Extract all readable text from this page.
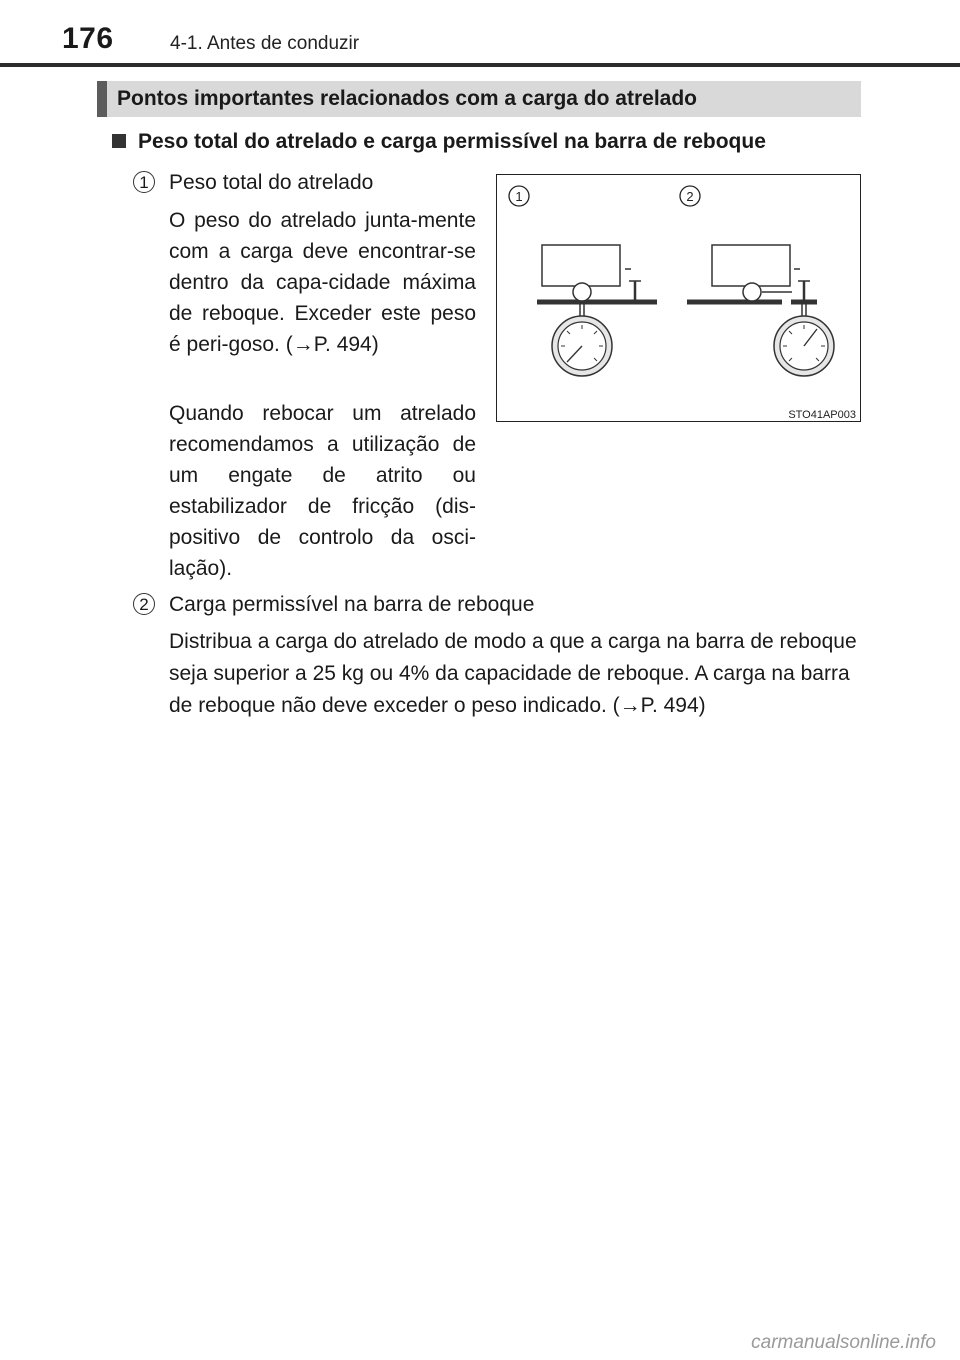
176	4-1. Antes de conduzir
Pontos importantes relacionados com a carga do atrelado
Peso total do atrelado e carga permissível na barra de reboque
1 Peso total do atrelado
O peso do atrelado junta-mente com a carga deve encontrar-se dentro da capa-cidade máxima de reboque. Exceder este peso é peri-goso. (→P. 494)
Quando rebocar um atrelado recomendamos a utilização de um engate de atrito ou estabilizador de fricção (dis-positivo de controlo da osci-lação).
2 Carga permissível na barra de reboque
Distribua a carga do atrelado de modo a que a carga na barra de reboque seja superior a 25 kg ou 4% da capacidade de reboque. A carga na barra de reboque não deve exceder o peso indicado. (→P. 494)
1	2
STO41AP003
carmanualsonline.info
